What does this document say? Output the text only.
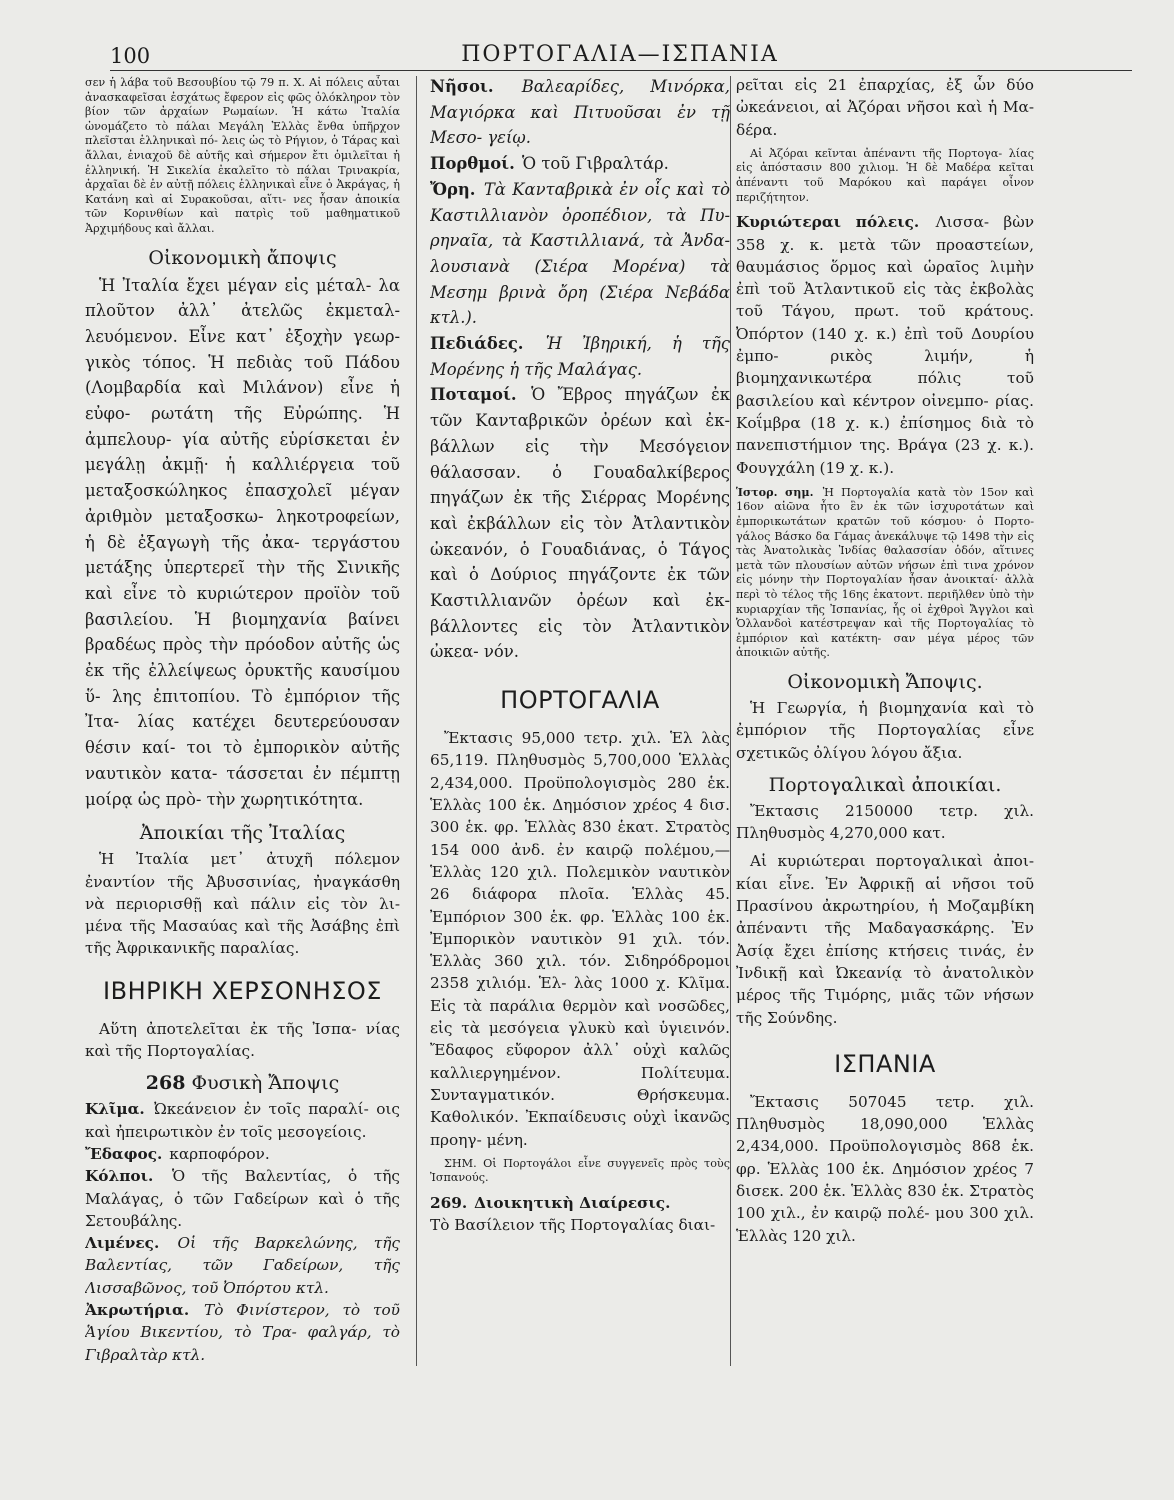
100	ΠΟΡΤΟΓΑΛΙΑ—ΙΣΠΑΝΙΑ

σεν ἡ λάβα τοῦ Βεσουβίου τῷ 79 π. Χ. Αἱ πόλεις αὗται ἀνασκαφεῖσαι ἐσχάτως ἔφερον εἰς φῶς ὁλόκληρον τὸν βίον τῶν ἀρχαίων Ρωμαίων. Ἡ κάτω Ἰταλία ὠνομάζετο τὸ πάλαι Μεγάλη Ἑλλὰς ἔνθα ὑπῆρχον πλεῖσται ἑλληνικαὶ πό- λεις ὡς τὸ Ρήγιον, ὁ Τάρας καὶ ἄλλαι, ἐνιαχοῦ δὲ αὐτῆς καὶ σήμερον ἔτι ὁμιλεῖται ἡ ἑλληνική. Ἡ Σικελία ἐκαλεῖτο τὸ πάλαι Τρινακρία, ἀρχαῖαι δὲ ἐν αὐτῇ πόλεις ἑλληνικαὶ εἶνε ὁ Ἀκράγας, ἡ Κατάνη καὶ αἱ Συρακοῦσαι, αἵτι- νες ἦσαν ἀποικία τῶν Κορινθίων καὶ πατρὶς τοῦ μαθηματικοῦ Ἀρχιμήδους καὶ ἄλλαι.

Οἰκονομικὴ ἄποψις

Ἡ Ἰταλία ἔχει μέγαν εἰς μέταλ- λα πλοῦτον ἀλλ᾽ ἀτελῶς ἐκμεταλ- λευόμενον. Εἶνε κατ᾽ ἐξοχὴν γεωρ- γικὸς τόπος. Ἡ πεδιὰς τοῦ Πάδου (Λομβαρδία καὶ Μιλάνον) εἶνε ἡ εὐφο- ρωτάτη τῆς Εὐρώπης. Ἡ ἀμπελουρ- γία αὐτῆς εὑρίσκεται ἐν μεγάλῃ ἀκμῇ· ἡ καλλιέργεια τοῦ μεταξοσκώληκος ἐπασχολεῖ μέγαν ἀριθμὸν μεταξοσκω- ληκοτροφείων, ἡ δὲ ἐξαγωγὴ τῆς ἀκα- τεργάστου μετάξης ὑπερτερεῖ τὴν τῆς Σινικῆς καὶ εἶνε τὸ κυριώτερον προϊὸν τοῦ βασιλείου. Ἡ βιομηχανία βαίνει βραδέως πρὸς τὴν πρόοδον αὐτῆς ὡς ἐκ τῆς ἐλλείψεως ὀρυκτῆς καυσίμου ὕ- λης ἐπιτοπίου. Τὸ ἐμπόριον τῆς Ἰτα- λίας κατέχει δευτερεύουσαν θέσιν καί- τοι τὸ ἐμπορικὸν αὐτῆς ναυτικὸν κατα- τάσσεται ἐν πέμπτῃ μοίρᾳ ὡς πρὸ- τὴν χωρητικότητα.

Ἀποικίαι τῆς Ἰταλίας

Ἡ Ἰταλία μετ᾽ ἀτυχῆ πόλεμον ἐναντίον τῆς Ἀβυσσινίας, ἠναγκάσθη νὰ περιορισθῇ καὶ πάλιν εἰς τὸν λι- μένα τῆς Μασαύας καὶ τῆς Ἀσάβης ἐπὶ τῆς Ἀφρικανικῆς παραλίας.

ΙΒΗΡΙΚΗ ΧΕΡΣΟΝΗΣΟΣ

Αὕτη ἀποτελεῖται ἐκ τῆς Ἰσπα- νίας καὶ τῆς Πορτογαλίας.

268 Φυσικὴ Ἄποψις

Κλῖμα. Ὠκεάνειον ἐν τοῖς παραλί- οις καὶ ἠπειρωτικὸν ἐν τοῖς μεσογείοις.

Ἔδαφος. καρποφόρον.

Κόλποι. Ὁ τῆς Βαλεντίας, ὁ τῆς Μαλάγας, ὁ τῶν Γαδείρων καὶ ὁ τῆς Σετουβάλης.

Λιμένες. Οἱ τῆς Βαρκελώνης, τῆς Βαλεντίας, τῶν Γαδείρων, τῆς Λισσαβῶνος, τοῦ Ὀπόρτου κτλ.

Ἀκρωτήρια. Τὸ Φινίστερον, τὸ τοῦ Ἁγίου Βικεντίου, τὸ Τρα- φαλγάρ, τὸ Γιβραλτὰρ κτλ.

Νῆσοι. Βαλεαρίδες, Μινόρκα, Μαγιόρκα καὶ Πιτυοῦσαι ἐν τῇ Μεσο- γείῳ.

Πορθμοί. Ὁ τοῦ Γιβραλτάρ.

Ὄρη. Τὰ Κανταβρικὰ ἐν οἷς καὶ τὸ Καστιλλιανὸν ὀροπέδιον, τὰ Πυ- ρηναῖα, τὰ Καστιλλιανά, τὰ Ἀνδα- λουσιανὰ (Σιέρα Μορένα) τὰ Μεσημ βρινὰ ὄρη (Σιέρα Νεβάδα κτλ.).

Πεδιάδες. Ἡ Ἰβηρική, ἡ τῆς Μορένης ἡ τῆς Μαλάγας.

Ποταμοί. Ὁ Ἔβρος πηγάζων ἐκ τῶν Κανταβρικῶν ὀρέων καὶ ἐκ- βάλλων εἰς τὴν Μεσόγειον θάλασσαν. ὁ Γουαδαλκίβερος πηγάζων ἐκ τῆς Σιέρρας Μορένης καὶ ἐκβάλλων εἰς τὸν Ἀτλαντικὸν ὠκεανόν, ὁ Γουαδιάνας, ὁ Τάγος καὶ ὁ Δούριος πηγάζοντε ἐκ τῶν Καστιλλιανῶν ὀρέων καὶ ἐκ- βάλλοντες εἰς τὸν Ἀτλαντικὸν ὠκεα- νόν.

ΠΟΡΤΟΓΑΛΙΑ

Ἔκτασις 95,000 τετρ. χιλ. Ἑλ λὰς 65,119. Πληθυσμὸς 5,700,000 Ἑλλὰς 2,434,000. Προϋπολογισμὸς 280 ἑκ. Ἑλλὰς 100 ἑκ. Δημόσιον χρέος 4 δισ. 300 ἑκ. φρ. Ἑλλὰς 830 ἑκατ. Στρατὸς 154 000 ἀνδ. ἐν καιρῷ πολέμου,— Ἑλλὰς 120 χιλ. Πολεμικὸν ναυτικὸν 26 διάφορα πλοῖα. Ἑλλὰς 45. Ἐμπόριον 300 ἑκ. φρ. Ἑλλὰς 100 ἑκ. Ἐμπορικὸν ναυτικὸν 91 χιλ. τόν. Ἑλλὰς 360 χιλ. τόν. Σιδηρόδρομοι 2358 χιλιόμ. Ἑλ- λὰς 1000 χ. Κλῖμα. Εἰς τὰ παράλια θερμὸν καὶ νοσῶδες, εἰς τὰ μεσόγεια γλυκὺ καὶ ὑγιεινόν. Ἔδαφος εὔφορον ἀλλ᾽ οὐχὶ καλῶς καλλιεργημένον. Πολίτευμα. Συνταγματικόν. Θρήσκευμα. Καθολικόν. Ἐκπαίδευσις οὐχὶ ἱκανῶς προηγ- μένη.

ΣΗΜ. Οἱ Πορτογάλοι εἶνε συγγενεῖς πρὸς τοὺς Ἰσπανούς.

269. Διοικητικὴ Διαίρεσις.

Τὸ Βασίλειον τῆς Πορτογαλίας διαι-

ρεῖται εἰς 21 ἐπαρχίας, ἐξ ὧν δύο ὠκεάνειοι, αἱ Ἀζόραι νῆσοι καὶ ἡ Μα- δέρα.

Αἱ Ἀζόραι κεῖνται ἀπέναντι τῆς Πορτογα- λίας εἰς ἀπόστασιν 800 χιλιομ. Ἡ δὲ Μαδέρα κεῖται ἀπέναντι τοῦ Μαρόκου καὶ παράγει οἶνον περιζήτητον.

Κυριώτεραι πόλεις. Λισσα- βὼν 358 χ. κ. μετὰ τῶν προαστείων, θαυμάσιος ὅρμος καὶ ὡραῖος λιμὴν ἐπὶ τοῦ Ἀτλαντικοῦ εἰς τὰς ἐκβολὰς τοῦ Τάγου, πρωτ. τοῦ κράτους. Ὀπόρτον (140 χ. κ.) ἐπὶ τοῦ Δουρίου ἐμπο- ρικὸς λιμήν, ἡ βιομηχανικωτέρα πόλις τοῦ βασιλείου καὶ κέντρον οἰνεμπο- ρίας. Κοΐμβρα (18 χ. κ.) ἐπίσημος διὰ τὸ πανεπιστήμιον της. Βράγα (23 χ. κ.). Φουγχάλη (19 χ. κ.).

Ἱστορ. σημ. Ἡ Πορτογαλία κατὰ τὸν 15ον καὶ 16ον αἰῶνα ἦτο ἓν ἐκ τῶν ἰσχυροτάτων καὶ ἐμπορικωτάτων κρατῶν τοῦ κόσμου· ὁ Πορτο- γάλος Βάσκο δα Γάμας ἀνεκάλυψε τῷ 1498 τὴν εἰς τὰς Ἀνατολικὰς Ἰνδίας θαλασσίαν ὁδόν, αἵτινες μετὰ τῶν πλουσίων αὐτῶν νήσων ἐπὶ τινα χρόνον εἰς μόνην τὴν Πορτογαλίαν ἦσαν ἀνοικταί· ἀλλὰ περὶ τὸ τέλος τῆς 16ης ἑκατοντ. περιῆλθεν ὑπὸ τὴν κυριαρχίαν τῆς Ἰσπανίας, ἧς οἱ ἐχθροὶ Ἄγγλοι καὶ Ὁλλανδοὶ κατέστρεψαν καὶ τῆς Πορτογαλίας τὸ ἐμπόριον καὶ κατέκτη- σαν μέγα μέρος τῶν ἀποικιῶν αὐτῆς.

Οἰκονομικὴ Ἄποψις.

Ἡ Γεωργία, ἡ βιομηχανία καὶ τὸ ἐμπόριον τῆς Πορτογαλίας εἶνε σχετικῶς ὀλίγου λόγου ἄξια.

Πορτογαλικαὶ ἀποικίαι.

Ἔκτασις 2150000 τετρ. χιλ. Πληθυσμὸς 4,270,000 κατ.

Αἱ κυριώτεραι πορτογαλικαὶ ἀποι- κίαι εἶνε. Ἐν Ἀφρικῇ αἱ νῆσοι τοῦ Πρασίνου ἀκρωτηρίου, ἡ Μοζαμβίκη ἀπέναντι τῆς Μαδαγασκάρης. Ἐν Ἀσίᾳ ἔχει ἐπίσης κτήσεις τινάς, ἐν Ἰνδικῇ καὶ Ὠκεανίᾳ τὸ ἀνατολικὸν μέρος τῆς Τιμόρης, μιᾶς τῶν νήσων τῆς Σούνδης.

ΙΣΠΑΝΙΑ

Ἔκτασις 507045 τετρ. χιλ. Πληθυσμὸς 18,090,000 Ἑλλὰς 2,434,000. Προϋπολογισμὸς 868 ἑκ. φρ. Ἑλλὰς 100 ἑκ. Δημόσιον χρέος 7 δισεκ. 200 ἑκ. Ἑλλὰς 830 ἑκ. Στρατὸς 100 χιλ., ἐν καιρῷ πολέ- μου 300 χιλ. Ἑλλὰς 120 χιλ.
